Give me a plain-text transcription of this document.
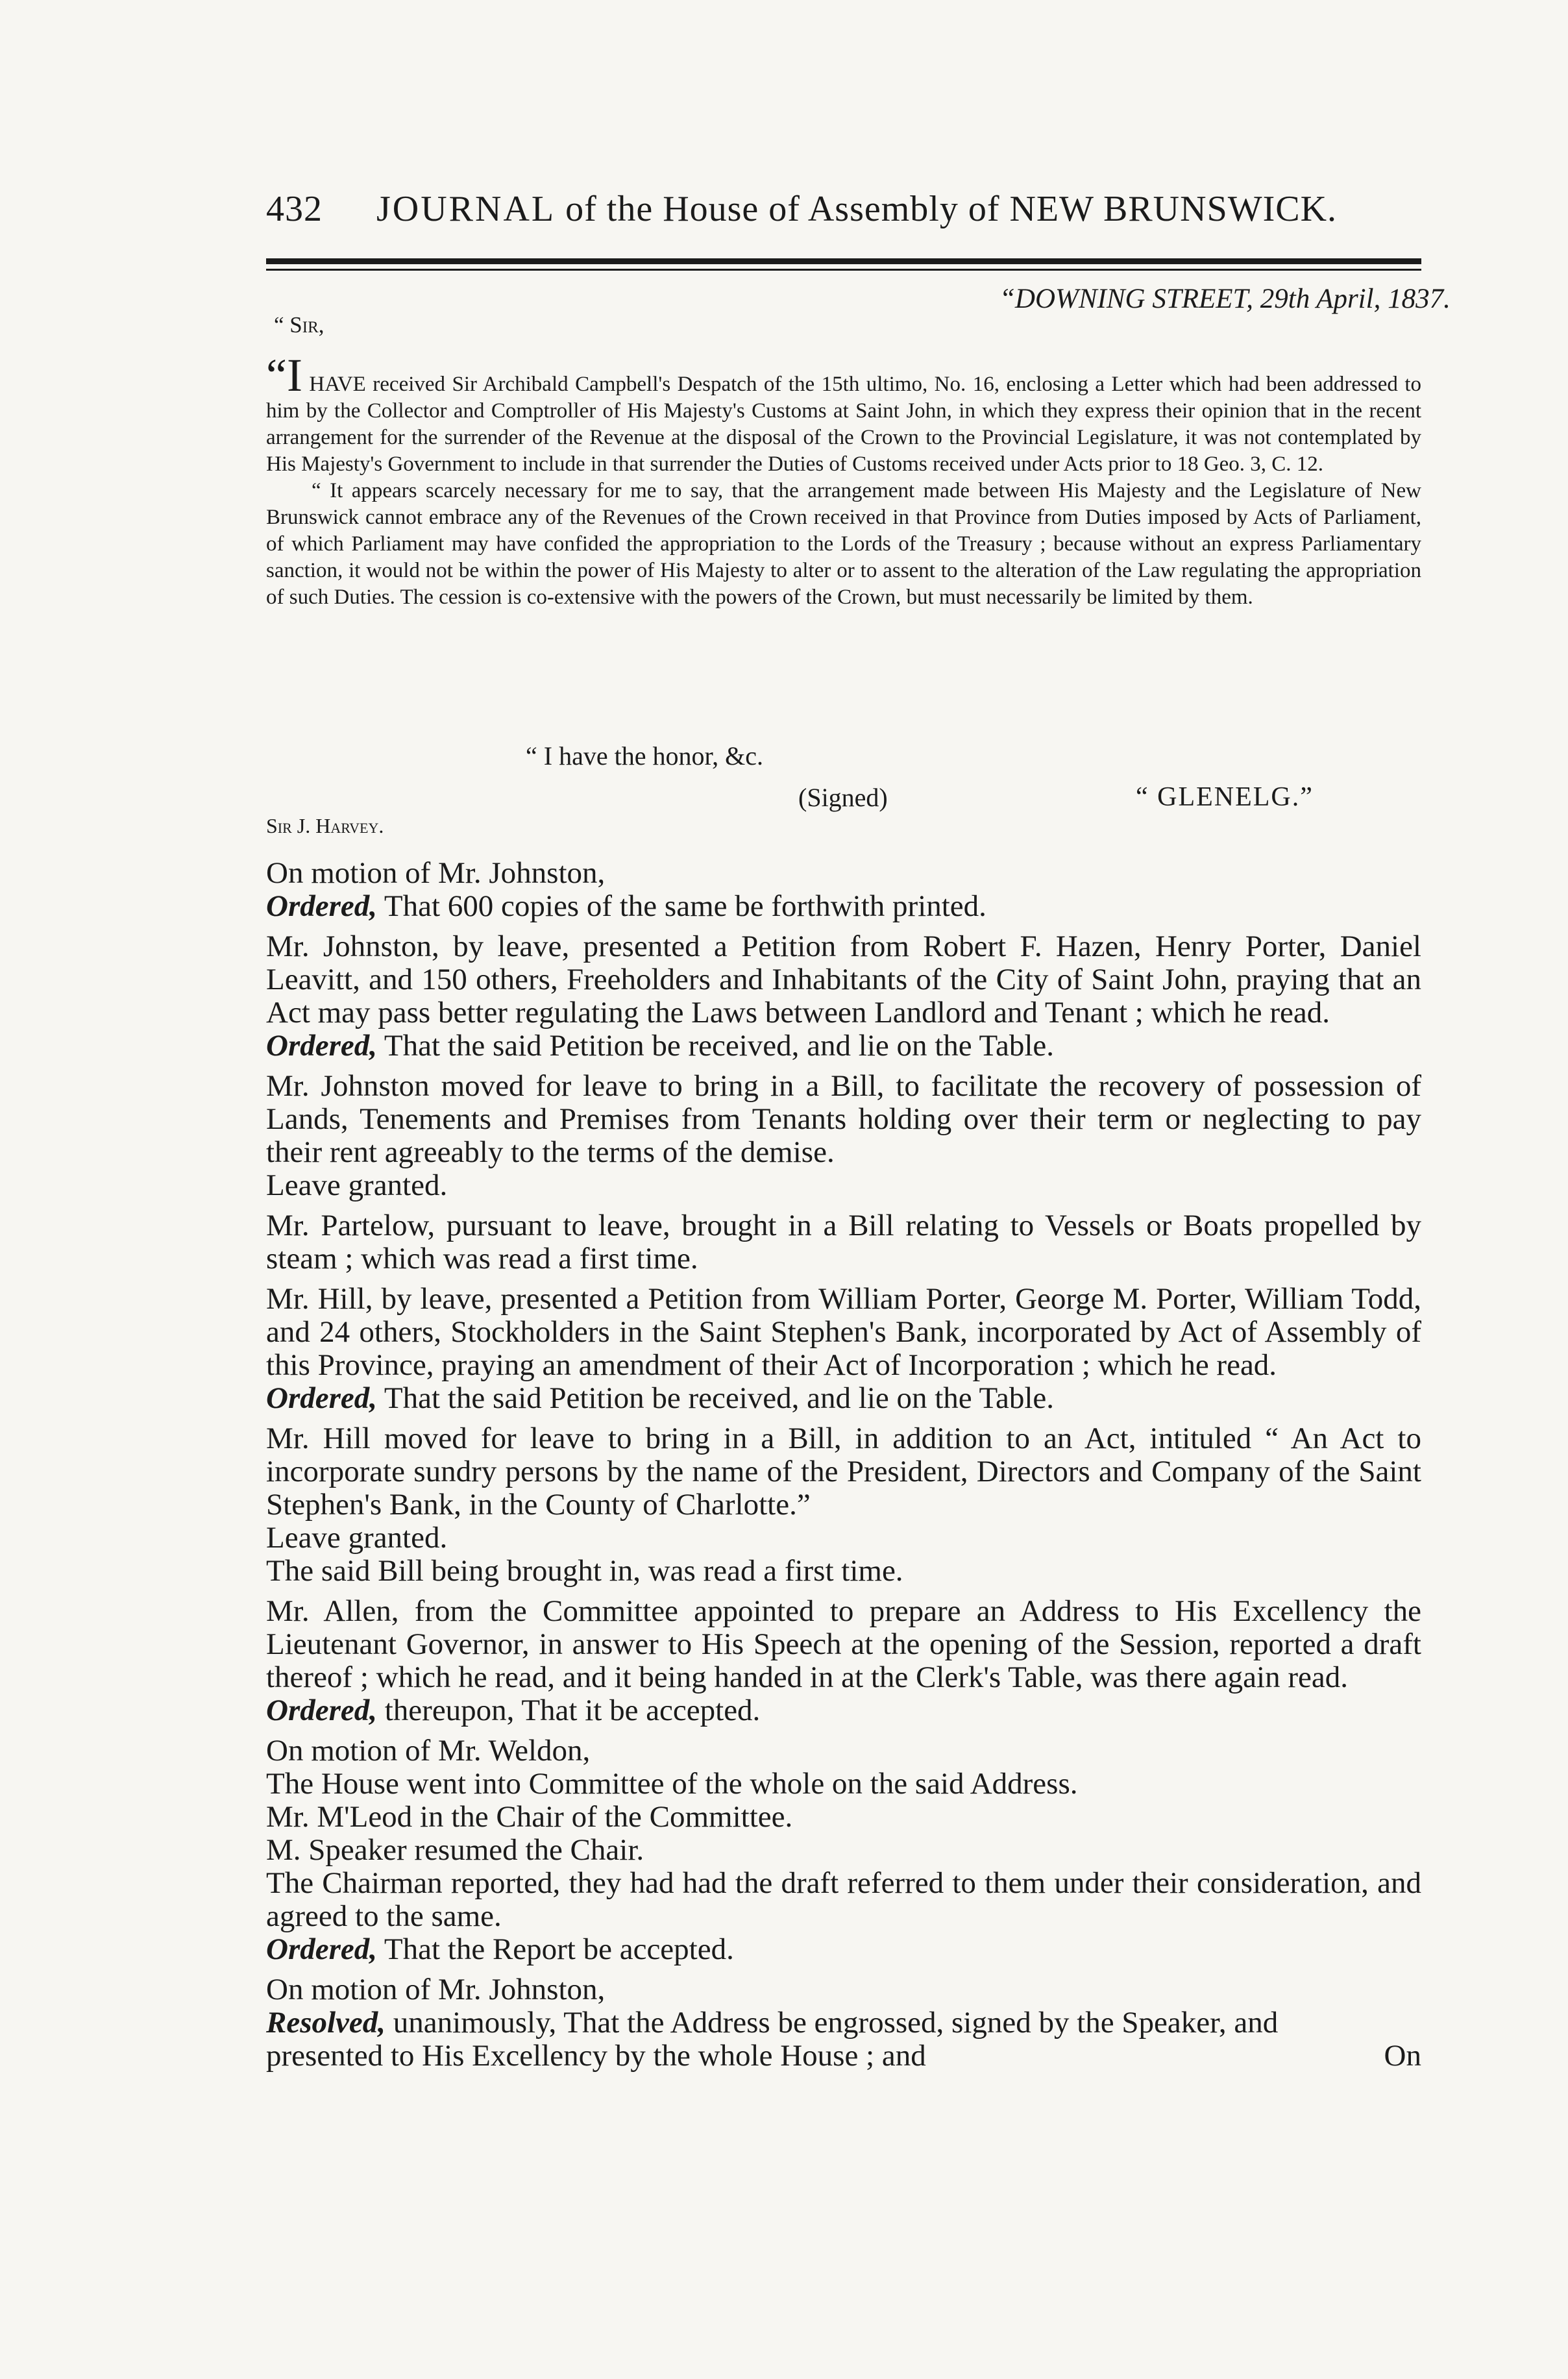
432 JOURNAL of the House of Assembly of NEW BRUNSWICK.
“DOWNING STREET, 29th April, 1837.
“ Sir,

“I HAVE received Sir Archibald Campbell's Despatch of the 15th ultimo, No. 16, enclosing a Letter which had been addressed to him by the Collector and Comptroller of His Majesty's Customs at Saint John, in which they express their opinion that in the recent arrangement for the surrender of the Revenue at the disposal of the Crown to the Provincial Legislature, it was not contemplated by His Majesty's Government to include in that surrender the Duties of Customs received under Acts prior to 18 Geo. 3, C. 12.

“ It appears scarcely necessary for me to say, that the arrangement made between His Majesty and the Legislature of New Brunswick cannot embrace any of the Revenues of the Crown received in that Province from Duties imposed by Acts of Parliament, of which Parliament may have confided the appropriation to the Lords of the Treasury ; because without an express Parliamentary sanction, it would not be within the power of His Majesty to alter or to assent to the alteration of the Law regulating the appropriation of such Duties. The cession is co-extensive with the powers of the Crown, but must necessarily be limited by them.

“ I have the honor, &c.
(Signed)	“ GLENELG.”
Sir J. Harvey.

On motion of Mr. Johnston,

Ordered, That 600 copies of the same be forthwith printed.

Mr. Johnston, by leave, presented a Petition from Robert F. Hazen, Henry Porter, Daniel Leavitt, and 150 others, Freeholders and Inhabitants of the City of Saint John, praying that an Act may pass better regulating the Laws between Landlord and Tenant ; which he read.

Ordered, That the said Petition be received, and lie on the Table.

Mr. Johnston moved for leave to bring in a Bill, to facilitate the recovery of possession of Lands, Tenements and Premises from Tenants holding over their term or neglecting to pay their rent agreeably to the terms of the demise.

Leave granted.

Mr. Partelow, pursuant to leave, brought in a Bill relating to Vessels or Boats propelled by steam ; which was read a first time.

Mr. Hill, by leave, presented a Petition from William Porter, George M. Porter, William Todd, and 24 others, Stockholders in the Saint Stephen's Bank, incorporated by Act of Assembly of this Province, praying an amendment of their Act of Incorporation ; which he read.

Ordered, That the said Petition be received, and lie on the Table.

Mr. Hill moved for leave to bring in a Bill, in addition to an Act, intituled “ An Act to incorporate sundry persons by the name of the President, Directors and Company of the Saint Stephen's Bank, in the County of Charlotte.”

Leave granted.

The said Bill being brought in, was read a first time.

Mr. Allen, from the Committee appointed to prepare an Address to His Excellency the Lieutenant Governor, in answer to His Speech at the opening of the Session, reported a draft thereof ; which he read, and it being handed in at the Clerk's Table, was there again read.

Ordered, thereupon, That it be accepted.

On motion of Mr. Weldon,

The House went into Committee of the whole on the said Address.

Mr. M'Leod in the Chair of the Committee.

M. Speaker resumed the Chair.

The Chairman reported, they had had the draft referred to them under their consideration, and agreed to the same.

Ordered, That the Report be accepted.

On motion of Mr. Johnston,

Resolved, unanimously, That the Address be engrossed, signed by the Speaker, and

presented to His Excellency by the whole House ; and	On
